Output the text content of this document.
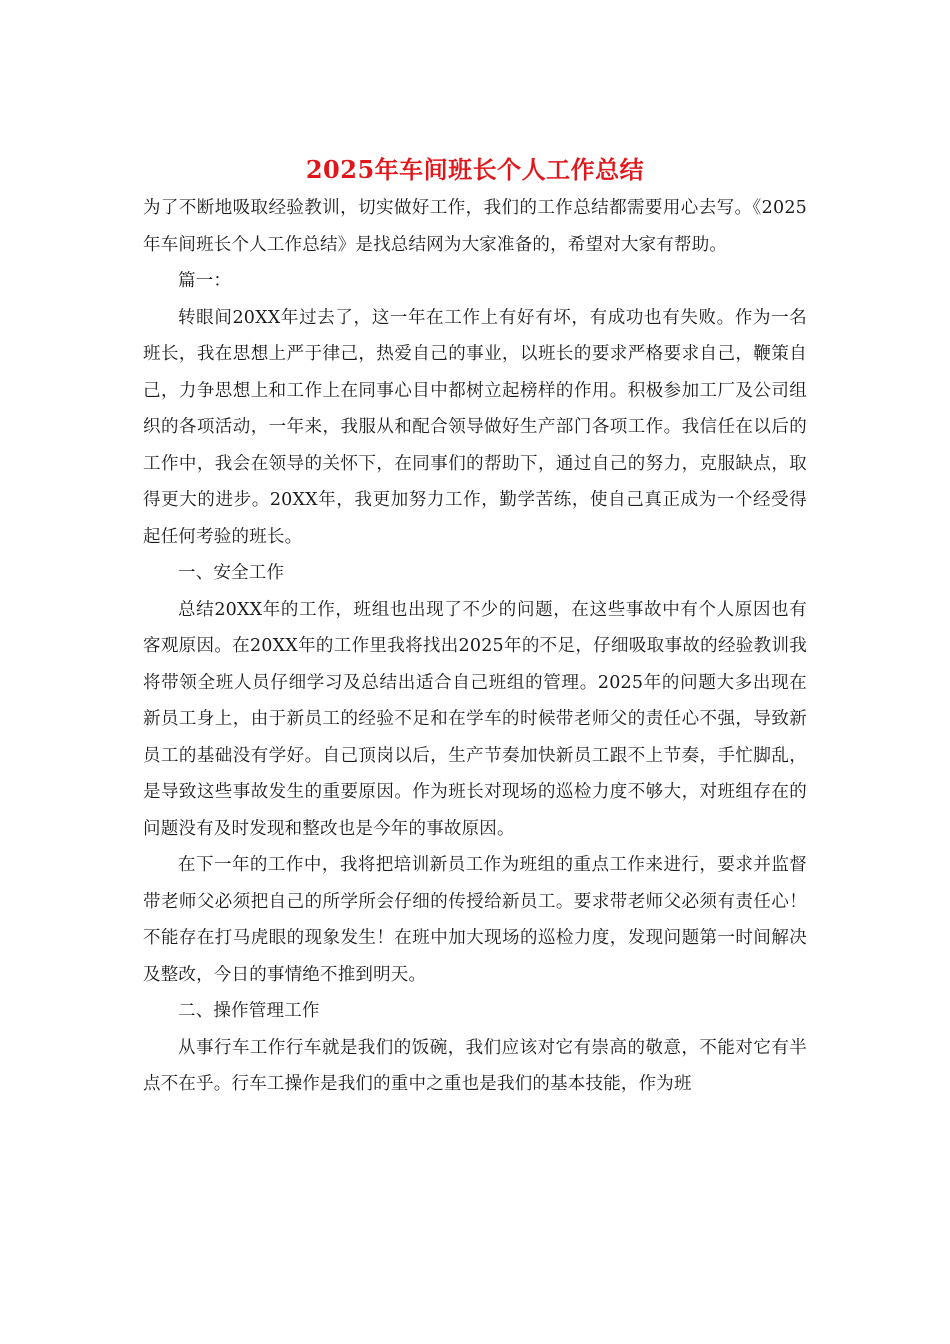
2025年车间班长个人工作总结

为了不断地吸取经验教训，切实做好工作，我们的工作总结都需要用心去写。《2025年车间班长个人工作总结》是找总结网为大家准备的，希望对大家有帮助。

篇一：

转眼间20XX年过去了，这一年在工作上有好有坏，有成功也有失败。作为一名班长，我在思想上严于律己，热爱自己的事业，以班长的要求严格要求自己，鞭策自己，力争思想上和工作上在同事心目中都树立起榜样的作用。积极参加工厂及公司组织的各项活动，一年来，我服从和配合领导做好生产部门各项工作。我信任在以后的工作中，我会在领导的关怀下，在同事们的帮助下，通过自己的努力，克服缺点，取得更大的进步。20XX年，我更加努力工作，勤学苦练，使自己真正成为一个经受得起任何考验的班长。

一、安全工作

总结20XX年的工作，班组也出现了不少的问题，在这些事故中有个人原因也有客观原因。在20XX年的工作里我将找出2025年的不足，仔细吸取事故的经验教训我将带领全班人员仔细学习及总结出适合自己班组的管理。2025年的问题大多出现在新员工身上，由于新员工的经验不足和在学车的时候带老师父的责任心不强，导致新员工的基础没有学好。自己顶岗以后，生产节奏加快新员工跟不上节奏，手忙脚乱，是导致这些事故发生的重要原因。作为班长对现场的巡检力度不够大，对班组存在的问题没有及时发现和整改也是今年的事故原因。

在下一年的工作中，我将把培训新员工作为班组的重点工作来进行，要求并监督带老师父必须把自己的所学所会仔细的传授给新员工。要求带老师父必须有责任心！不能存在打马虎眼的现象发生！在班中加大现场的巡检力度，发现问题第一时间解决及整改，今日的事情绝不推到明天。

二、操作管理工作

从事行车工作行车就是我们的饭碗，我们应该对它有崇高的敬意，不能对它有半点不在乎。行车工操作是我们的重中之重也是我们的基本技能，作为班
